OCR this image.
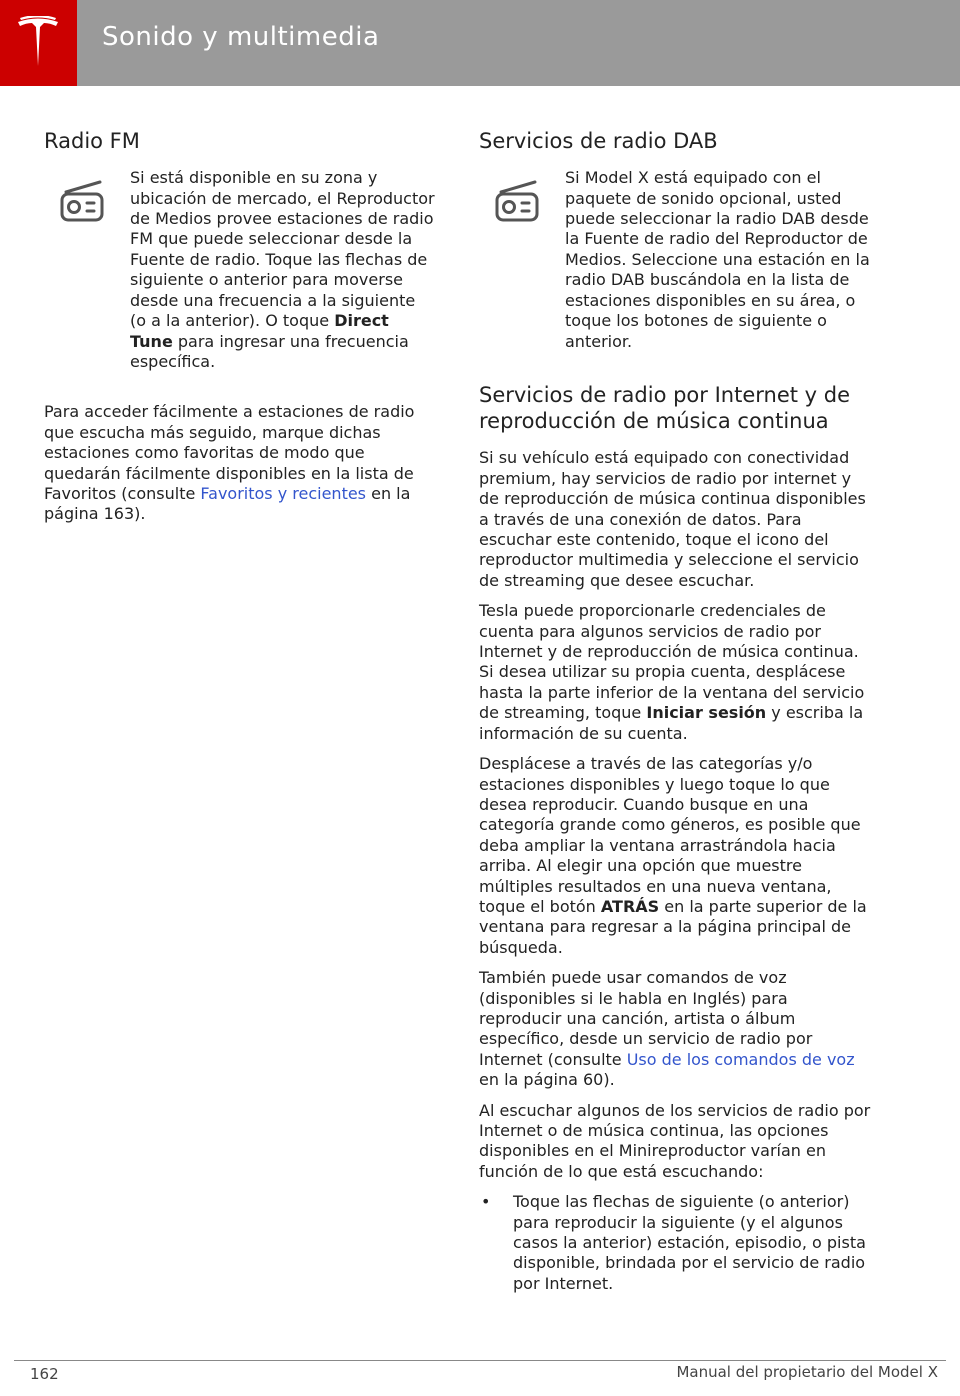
Sonido y multimedia
Radio FM

Si está disponible en su zona y ubicación de mercado, el Reproductor de Medios provee estaciones de radio FM que puede seleccionar desde la Fuente de radio. Toque las flechas de siguiente o anterior para moverse desde una frecuencia a la siguiente (o a la anterior). O toque Direct Tune para ingresar una frecuencia específica.

Para acceder fácilmente a estaciones de radio que escucha más seguido, marque dichas estaciones como favoritas de modo que quedarán fácilmente disponibles en la lista de Favoritos (consulte Favoritos y recientes en la página 163).

Servicios de radio DAB

Si Model X está equipado con el paquete de sonido opcional, usted puede seleccionar la radio DAB desde la Fuente de radio del Reproductor de Medios. Seleccione una estación en la radio DAB buscándola en la lista de estaciones disponibles en su área, o toque los botones de siguiente o anterior.

Servicios de radio por Internet y de reproducción de música continua

Si su vehículo está equipado con conectividad premium, hay servicios de radio por internet y de reproducción de música continua disponibles a través de una conexión de datos. Para escuchar este contenido, toque el icono del reproductor multimedia y seleccione el servicio de streaming que desee escuchar.

Tesla puede proporcionarle credenciales de cuenta para algunos servicios de radio por Internet y de reproducción de música continua. Si desea utilizar su propia cuenta, desplácese hasta la parte inferior de la ventana del servicio de streaming, toque Iniciar sesión y escriba la información de su cuenta.

Desplácese a través de las categorías y/o estaciones disponibles y luego toque lo que desea reproducir. Cuando busque en una categoría grande como géneros, es posible que deba ampliar la ventana arrastrándola hacia arriba. Al elegir una opción que muestre múltiples resultados en una nueva ventana, toque el botón ATRÁS en la parte superior de la ventana para regresar a la página principal de búsqueda.

También puede usar comandos de voz (disponibles si le habla en Inglés) para reproducir una canción, artista o álbum específico, desde un servicio de radio por Internet (consulte Uso de los comandos de voz en la página 60).

Al escuchar algunos de los servicios de radio por Internet o de música continua, las opciones disponibles en el Minireproductor varían en función de lo que está escuchando:

• Toque las flechas de siguiente (o anterior) para reproducir la siguiente (y el algunos casos la anterior) estación, episodio, o pista disponible, brindada por el servicio de radio por Internet.
162	Manual del propietario del Model X
